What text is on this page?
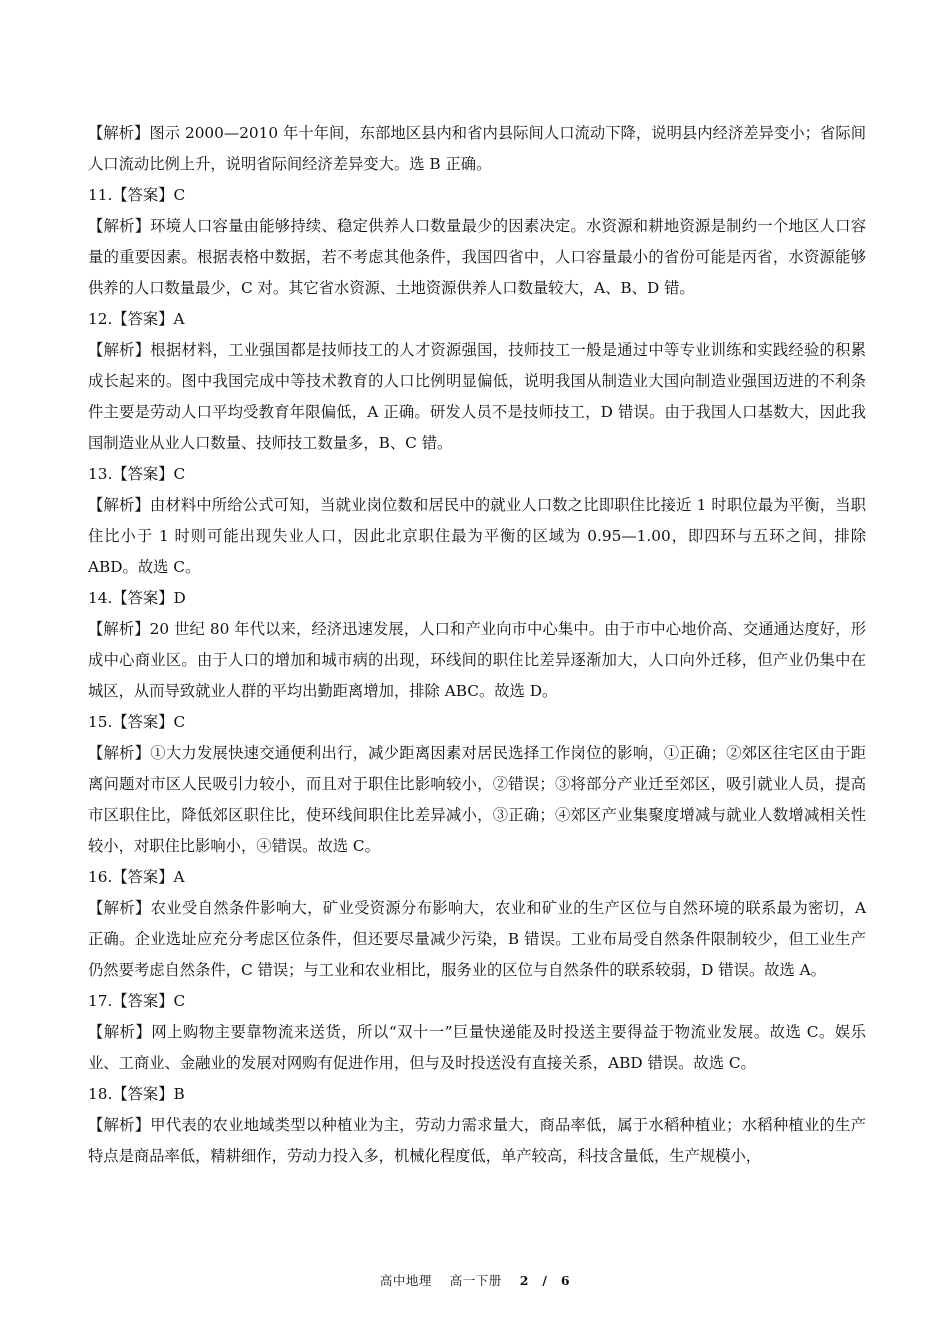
【解析】图示 2000—2010 年十年间，东部地区县内和省内县际间人口流动下降，说明县内经济差异变小；省际间人口流动比例上升，说明省际间经济差异变大。选 B 正确。

11.【答案】C

【解析】环境人口容量由能够持续、稳定供养人口数量最少的因素决定。水资源和耕地资源是制约一个地区人口容量的重要因素。根据表格中数据，若不考虑其他条件，我国四省中，人口容量最小的省份可能是丙省，水资源能够供养的人口数量最少，C 对。其它省水资源、土地资源供养人口数量较大，A、B、D 错。

12.【答案】A

【解析】根据材料，工业强国都是技师技工的人才资源强国，技师技工一般是通过中等专业训练和实践经验的积累成长起来的。图中我国完成中等技术教育的人口比例明显偏低，说明我国从制造业大国向制造业强国迈进的不利条件主要是劳动人口平均受教育年限偏低，A 正确。研发人员不是技师技工，D 错误。由于我国人口基数大，因此我国制造业从业人口数量、技师技工数量多，B、C 错。

13.【答案】C

【解析】由材料中所给公式可知，当就业岗位数和居民中的就业人口数之比即职住比接近 1 时职位最为平衡，当职住比小于 1 时则可能出现失业人口，因此北京职住最为平衡的区域为 0.95—1.00，即四环与五环之间，排除 ABD。故选 C。

14.【答案】D

【解析】20 世纪 80 年代以来，经济迅速发展，人口和产业向市中心集中。由于市中心地价高、交通通达度好，形成中心商业区。由于人口的增加和城市病的出现，环线间的职住比差异逐渐加大，人口向外迁移，但产业仍集中在城区，从而导致就业人群的平均出勤距离增加，排除 ABC。故选 D。

15.【答案】C

【解析】①大力发展快速交通便利出行，减少距离因素对居民选择工作岗位的影响，①正确；②郊区往宅区由于距离问题对市区人民吸引力较小，而且对于职住比影响较小，②错误；③将部分产业迁至郊区，吸引就业人员，提高市区职住比，降低郊区职住比，使环线间职住比差异减小，③正确；④郊区产业集聚度增减与就业人数增减相关性较小，对职住比影响小，④错误。故选 C。

16.【答案】A

【解析】农业受自然条件影响大，矿业受资源分布影响大，农业和矿业的生产区位与自然环境的联系最为密切，A 正确。企业选址应充分考虑区位条件，但还要尽量减少污染，B 错误。工业布局受自然条件限制较少，但工业生产仍然要考虑自然条件，C 错误；与工业和农业相比，服务业的区位与自然条件的联系较弱，D 错误。故选 A。

17.【答案】C

【解析】网上购物主要靠物流来送货，所以“双十一”巨量快递能及时投送主要得益于物流业发展。故选 C。娱乐业、工商业、金融业的发展对网购有促进作用，但与及时投送没有直接关系，ABD 错误。故选 C。

18.【答案】B

【解析】甲代表的农业地域类型以种植业为主，劳动力需求量大，商品率低，属于水稻种植业；水稻种植业的生产特点是商品率低，精耕细作，劳动力投入多，机械化程度低，单产较高，科技含量低，生产规模小，

高中地理 高一下册 2 / 6
